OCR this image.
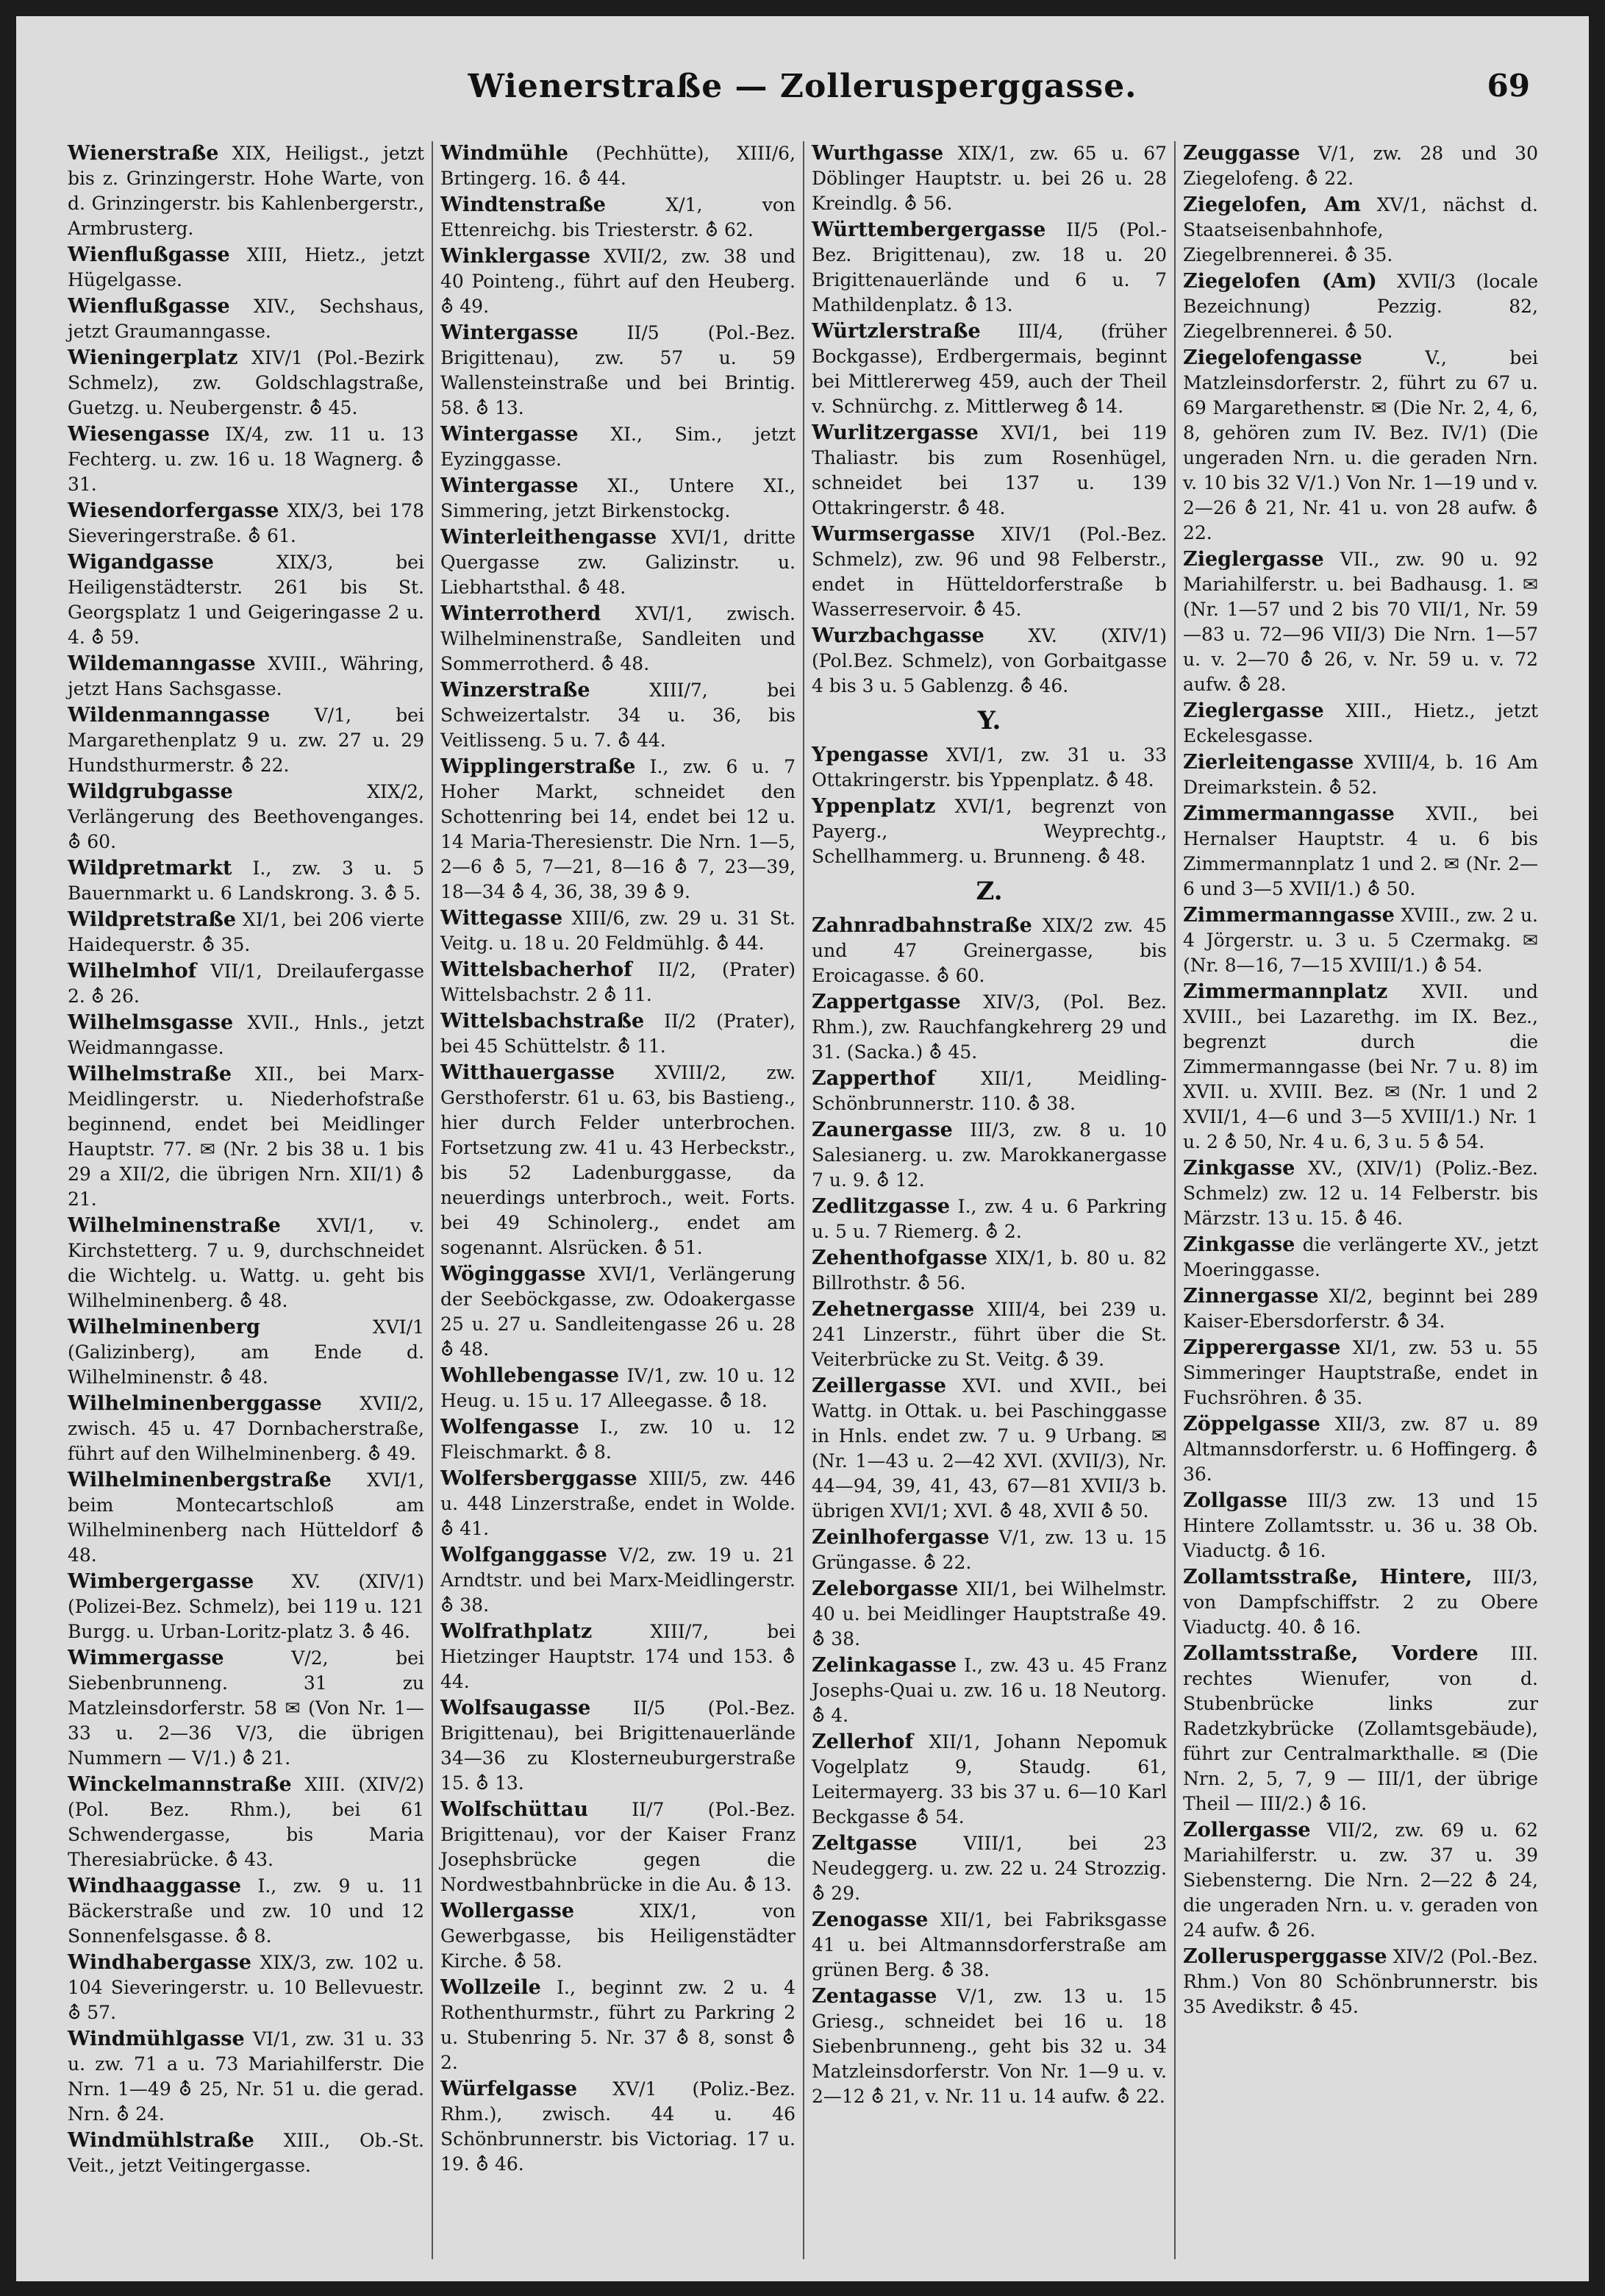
Wienerstraße — Zollerusperggasse.	69
Wienerstraße XIX, Heiligst., jetzt bis z. Grinzingerstr. Hohe Warte, von d. Grinzingerstr. bis Kahlenbergerstr., Armbrusterg.
Wienflußgasse XIII, Hietz., jetzt Hügelgasse.
Wienflußgasse XIV., Sechshaus, jetzt Graumanngasse.
Wieningerplatz XIV/1 (Pol.-Bezirk Schmelz), zw. Goldschlagstraße, Guetzg. u. Neubergenstr. ⛢ 45.
Wiesengasse IX/4, zw. 11 u. 13 Fechterg. u. zw. 16 u. 18 Wagnerg. ⛢ 31.
Wiesendorfergasse XIX/3, bei 178 Sieveringerstraße. ⛢ 61.
Wigandgasse XIX/3, bei Heiligenstädterstr. 261 bis St. Georgsplatz 1 und Geigeringasse 2 u. 4. ⛢ 59.
Wildemanngasse XVIII., Währing, jetzt Hans Sachsgasse.
Wildenmanngasse V/1, bei Margarethenplatz 9 u. zw. 27 u. 29 Hundsthurmerstr. ⛢ 22.
Wildgrubgasse XIX/2, Verlängerung des Beethovenganges. ⛢ 60.
Wildpretmarkt I., zw. 3 u. 5 Bauernmarkt u. 6 Landskrong. 3. ⛢ 5.
Wildpretstraße XI/1, bei 206 vierte Haidequerstr. ⛢ 35.
Wilhelmhof VII/1, Dreilaufergasse 2. ⛢ 26.
Wilhelmsgasse XVII., Hnls., jetzt Weidmanngasse.
Wilhelmstraße XII., bei Marx-Meidlingerstr. u. Niederhofstraße beginnend, endet bei Meidlinger Hauptstr. 77. ✉ (Nr. 2 bis 38 u. 1 bis 29 a XII/2, die übrigen Nrn. XII/1) ⛢ 21.
Wilhelminenstraße XVI/1, v. Kirchstetterg. 7 u. 9, durchschneidet die Wichtelg. u. Wattg. u. geht bis Wilhelminenberg. ⛢ 48.
Wilhelminenberg XVI/1 (Galizinberg), am Ende d. Wilhelminenstr. ⛢ 48.
Wilhelminenberggasse XVII/2, zwisch. 45 u. 47 Dornbacherstraße, führt auf den Wilhelminenberg. ⛢ 49.
Wilhelminenbergstraße XVI/1, beim Montecartschloß am Wilhelminenberg nach Hütteldorf ⛢ 48.
Wimbergergasse XV. (XIV/1) (Polizei-Bez. Schmelz), bei 119 u. 121 Burgg. u. Urban-Loritz-platz 3. ⛢ 46.
Wimmergasse V/2, bei Siebenbrunneng. 31 zu Matzleinsdorferstr. 58 ✉ (Von Nr. 1—33 u. 2—36 V/3, die übrigen Nummern — V/1.) ⛢ 21.
Winckelmannstraße XIII. (XIV/2) (Pol. Bez. Rhm.), bei 61 Schwendergasse, bis Maria Theresiabrücke. ⛢ 43.
Windhaaggasse I., zw. 9 u. 11 Bäckerstraße und zw. 10 und 12 Sonnenfelsgasse. ⛢ 8.
Windhabergasse XIX/3, zw. 102 u. 104 Sieveringerstr. u. 10 Bellevuestr. ⛢ 57.
Windmühlgasse VI/1, zw. 31 u. 33 u. zw. 71 a u. 73 Mariahilferstr. Die Nrn. 1—49 ⛢ 25, Nr. 51 u. die gerad. Nrn. ⛢ 24.
Windmühlstraße XIII., Ob.-St. Veit., jetzt Veitingergasse.
Windmühle (Pechhütte), XIII/6, Brtingerg. 16. ⛢ 44.
Windtenstraße X/1, von Ettenreichg. bis Triesterstr. ⛢ 62.
Winklergasse XVII/2, zw. 38 und 40 Pointeng., führt auf den Heuberg. ⛢ 49.
Wintergasse II/5 (Pol.-Bez. Brigittenau), zw. 57 u. 59 Wallensteinstraße und bei Brintig. 58. ⛢ 13.
Wintergasse XI., Sim., jetzt Eyzinggasse.
Wintergasse XI., Untere XI., Simmering, jetzt Birkenstockg.
Winterleithengasse XVI/1, dritte Quergasse zw. Galizinstr. u. Liebhartsthal. ⛢ 48.
Winterrotherd XVI/1, zwisch. Wilhelminenstraße, Sandleiten und Sommerrotherd. ⛢ 48.
Winzerstraße XIII/7, bei Schweizertalstr. 34 u. 36, bis Veitlisseng. 5 u. 7. ⛢ 44.
Wipplingerstraße I., zw. 6 u. 7 Hoher Markt, schneidet den Schottenring bei 14, endet bei 12 u. 14 Maria-Theresienstr. Die Nrn. 1—5, 2—6 ⛢ 5, 7—21, 8—16 ⛢ 7, 23—39, 18—34 ⛢ 4, 36, 38, 39 ⛢ 9.
Wittegasse XIII/6, zw. 29 u. 31 St. Veitg. u. 18 u. 20 Feldmühlg. ⛢ 44.
Wittelsbacherhof II/2, (Prater) Wittelsbachstr. 2 ⛢ 11.
Wittelsbachstraße II/2 (Prater), bei 45 Schüttelstr. ⛢ 11.
Witthauergasse XVIII/2, zw. Gersthoferstr. 61 u. 63, bis Bastieng., hier durch Felder unterbrochen. Fortsetzung zw. 41 u. 43 Herbeckstr., bis 52 Ladenburggasse, da neuerdings unterbroch., weit. Forts. bei 49 Schinolerg., endet am sogenannt. Alsrücken. ⛢ 51.
Wöginggasse XVI/1, Verlängerung der Seeböckgasse, zw. Odoakergasse 25 u. 27 u. Sandleitengasse 26 u. 28 ⛢ 48.
Wohllebengasse IV/1, zw. 10 u. 12 Heug. u. 15 u. 17 Alleegasse. ⛢ 18.
Wolfengasse I., zw. 10 u. 12 Fleischmarkt. ⛢ 8.
Wolfersberggasse XIII/5, zw. 446 u. 448 Linzerstraße, endet in Wolde. ⛢ 41.
Wolfganggasse V/2, zw. 19 u. 21 Arndtstr. und bei Marx-Meidlingerstr. ⛢ 38.
Wolfrathplatz XIII/7, bei Hietzinger Hauptstr. 174 und 153. ⛢ 44.
Wolfsaugasse II/5 (Pol.-Bez. Brigittenau), bei Brigittenauerlände 34—36 zu Klosterneuburgerstraße 15. ⛢ 13.
Wolfschüttau II/7 (Pol.-Bez. Brigittenau), vor der Kaiser Franz Josephsbrücke gegen die Nordwestbahnbrücke in die Au. ⛢ 13.
Wollergasse XIX/1, von Gewerbgasse, bis Heiligenstädter Kirche. ⛢ 58.
Wollzeile I., beginnt zw. 2 u. 4 Rothenthurmstr., führt zu Parkring 2 u. Stubenring 5. Nr. 37 ⛢ 8, sonst ⛢ 2.
Würfelgasse XV/1 (Poliz.-Bez. Rhm.), zwisch. 44 u. 46 Schönbrunnerstr. bis Victoriag. 17 u. 19. ⛢ 46.
Wurthgasse XIX/1, zw. 65 u. 67 Döblinger Hauptstr. u. bei 26 u. 28 Kreindlg. ⛢ 56.
Württembergergasse II/5 (Pol.-Bez. Brigittenau), zw. 18 u. 20 Brigittenauerlände und 6 u. 7 Mathildenplatz. ⛢ 13.
Würtzlerstraße III/4, (früher Bockgasse), Erdbergermais, beginnt bei Mittlererweg 459, auch der Theil v. Schnürchg. z. Mittlerweg ⛢ 14.
Wurlitzergasse XVI/1, bei 119 Thaliastr. bis zum Rosenhügel, schneidet bei 137 u. 139 Ottakringerstr. ⛢ 48.
Wurmsergasse XIV/1 (Pol.-Bez. Schmelz), zw. 96 und 98 Felberstr., endet in Hütteldorferstraße b Wasserreservoir. ⛢ 45.
Wurzbachgasse XV. (XIV/1) (Pol.Bez. Schmelz), von Gorbaitgasse 4 bis 3 u. 5 Gablenzg. ⛢ 46.
Y.
Ypengasse XVI/1, zw. 31 u. 33 Ottakringerstr. bis Yppenplatz. ⛢ 48.
Yppenplatz XVI/1, begrenzt von Payerg., Weyprechtg., Schellhammerg. u. Brunneng. ⛢ 48.
Z.
Zahnradbahnstraße XIX/2 zw. 45 und 47 Greinergasse, bis Eroicagasse. ⛢ 60.
Zappertgasse XIV/3, (Pol. Bez. Rhm.), zw. Rauchfangkehrerg 29 und 31. (Sacka.) ⛢ 45.
Zapperthof XII/1, Meidling-Schönbrunnerstr. 110. ⛢ 38.
Zaunergasse III/3, zw. 8 u. 10 Salesianerg. u. zw. Marokkanergasse 7 u. 9. ⛢ 12.
Zedlitzgasse I., zw. 4 u. 6 Parkring u. 5 u. 7 Riemerg. ⛢ 2.
Zehenthofgasse XIX/1, b. 80 u. 82 Billrothstr. ⛢ 56.
Zehetnergasse XIII/4, bei 239 u. 241 Linzerstr., führt über die St. Veiterbrücke zu St. Veitg. ⛢ 39.
Zeillergasse XVI. und XVII., bei Wattg. in Ottak. u. bei Paschinggasse in Hnls. endet zw. 7 u. 9 Urbang. ✉ (Nr. 1—43 u. 2—42 XVI. (XVII/3), Nr. 44—94, 39, 41, 43, 67—81 XVII/3 b. übrigen XVI/1; XVI. ⛢ 48, XVII ⛢ 50.
Zeinlhofergasse V/1, zw. 13 u. 15 Grüngasse. ⛢ 22.
Zeleborgasse XII/1, bei Wilhelmstr. 40 u. bei Meidlinger Hauptstraße 49. ⛢ 38.
Zelinkagasse I., zw. 43 u. 45 Franz Josephs-Quai u. zw. 16 u. 18 Neutorg. ⛢ 4.
Zellerhof XII/1, Johann Nepomuk Vogelplatz 9, Staudg. 61, Leitermayerg. 33 bis 37 u. 6—10 Karl Beckgasse ⛢ 54.
Zeltgasse VIII/1, bei 23 Neudeggerg. u. zw. 22 u. 24 Strozzig. ⛢ 29.
Zenogasse XII/1, bei Fabriksgasse 41 u. bei Altmannsdorferstraße am grünen Berg. ⛢ 38.
Zentagasse V/1, zw. 13 u. 15 Griesg., schneidet bei 16 u. 18 Siebenbrunneng., geht bis 32 u. 34 Matzleinsdorferstr. Von Nr. 1—9 u. v. 2—12 ⛢ 21, v. Nr. 11 u. 14 aufw. ⛢ 22.
Zeuggasse V/1, zw. 28 und 30 Ziegelofeng. ⛢ 22.
Ziegelofen, Am XV/1, nächst d. Staatseisenbahnhofe, Ziegelbrennerei. ⛢ 35.
Ziegelofen (Am) XVII/3 (locale Bezeichnung) Pezzig. 82, Ziegelbrennerei. ⛢ 50.
Ziegelofengasse V., bei Matzleinsdorferstr. 2, führt zu 67 u. 69 Margarethenstr. ✉ (Die Nr. 2, 4, 6, 8, gehören zum IV. Bez. IV/1) (Die ungeraden Nrn. u. die geraden Nrn. v. 10 bis 32 V/1.) Von Nr. 1—19 und v. 2—26 ⛢ 21, Nr. 41 u. von 28 aufw. ⛢ 22.
Zieglergasse VII., zw. 90 u. 92 Mariahilferstr. u. bei Badhausg. 1. ✉ (Nr. 1—57 und 2 bis 70 VII/1, Nr. 59—83 u. 72—96 VII/3) Die Nrn. 1—57 u. v. 2—70 ⛢ 26, v. Nr. 59 u. v. 72 aufw. ⛢ 28.
Zieglergasse XIII., Hietz., jetzt Eckelesgasse.
Zierleitengasse XVIII/4, b. 16 Am Dreimarkstein. ⛢ 52.
Zimmermanngasse XVII., bei Hernalser Hauptstr. 4 u. 6 bis Zimmermannplatz 1 und 2. ✉ (Nr. 2—6 und 3—5 XVII/1.) ⛢ 50.
Zimmermanngasse XVIII., zw. 2 u. 4 Jörgerstr. u. 3 u. 5 Czermakg. ✉ (Nr. 8—16, 7—15 XVIII/1.) ⛢ 54.
Zimmermannplatz XVII. und XVIII., bei Lazarethg. im IX. Bez., begrenzt durch die Zimmermanngasse (bei Nr. 7 u. 8) im XVII. u. XVIII. Bez. ✉ (Nr. 1 und 2 XVII/1, 4—6 und 3—5 XVIII/1.) Nr. 1 u. 2 ⛢ 50, Nr. 4 u. 6, 3 u. 5 ⛢ 54.
Zinkgasse XV., (XIV/1) (Poliz.-Bez. Schmelz) zw. 12 u. 14 Felberstr. bis Märzstr. 13 u. 15. ⛢ 46.
Zinkgasse die verlängerte XV., jetzt Moeringgasse.
Zinnergasse XI/2, beginnt bei 289 Kaiser-Ebersdorferstr. ⛢ 34.
Zipperergasse XI/1, zw. 53 u. 55 Simmeringer Hauptstraße, endet in Fuchsröhren. ⛢ 35.
Zöppelgasse XII/3, zw. 87 u. 89 Altmannsdorferstr. u. 6 Hoffingerg. ⛢ 36.
Zollgasse III/3 zw. 13 und 15 Hintere Zollamtsstr. u. 36 u. 38 Ob. Viaductg. ⛢ 16.
Zollamtsstraße, Hintere, III/3, von Dampfschiffstr. 2 zu Obere Viaductg. 40. ⛢ 16.
Zollamtsstraße, Vordere III. rechtes Wienufer, von d. Stubenbrücke links zur Radetzkybrücke (Zollamtsgebäude), führt zur Centralmarkthalle. ✉ (Die Nrn. 2, 5, 7, 9 — III/1, der übrige Theil — III/2.) ⛢ 16.
Zollergasse VII/2, zw. 69 u. 62 Mariahilferstr. u. zw. 37 u. 39 Siebensterng. Die Nrn. 2—22 ⛢ 24, die ungeraden Nrn. u. v. geraden von 24 aufw. ⛢ 26.
Zollerusperggasse XIV/2 (Pol.-Bez. Rhm.) Von 80 Schönbrunnerstr. bis 35 Avedikstr. ⛢ 45.
